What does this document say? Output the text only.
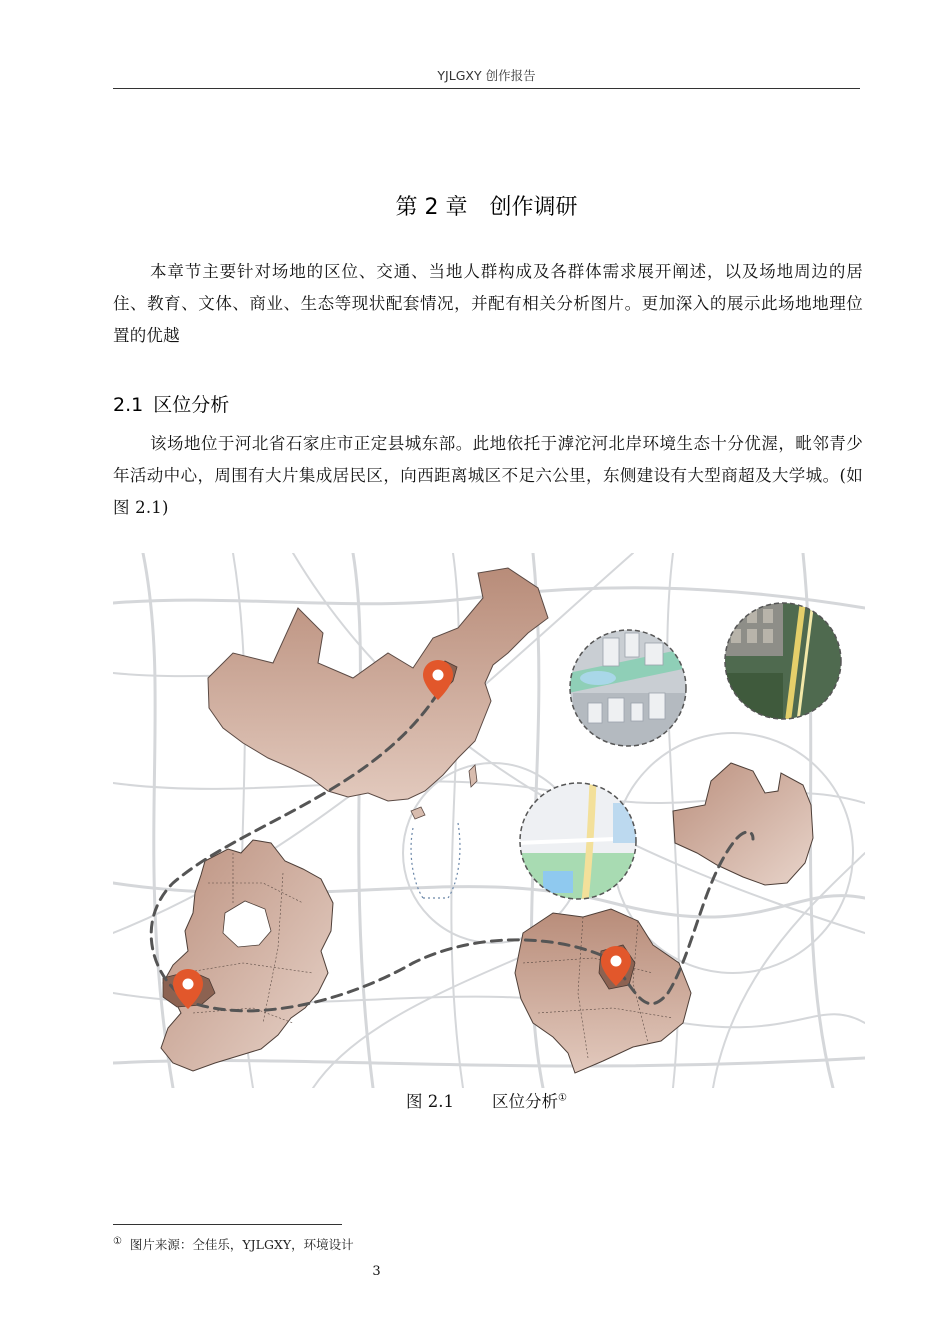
YJLGXY 创作报告
第 2 章 创作调研

本章节主要针对场地的区位、交通、当地人群构成及各群体需求展开阐述，以及场地周边的居住、教育、文体、商业、生态等现状配套情况，并配有相关分析图片。更加深入的展示此场地地理位置的优越

2.1 区位分析

该场地位于河北省石家庄市正定县城东部。此地依托于滹沱河北岸环境生态十分优渥，毗邻青少年活动中心，周围有大片集成居民区，向西距离城区不足六公里，东侧建设有大型商超及大学城。(如图 2.1)

图 2.1 区位分析①
① 图片来源：仝佳乐，YJLGXY，环境设计
3
